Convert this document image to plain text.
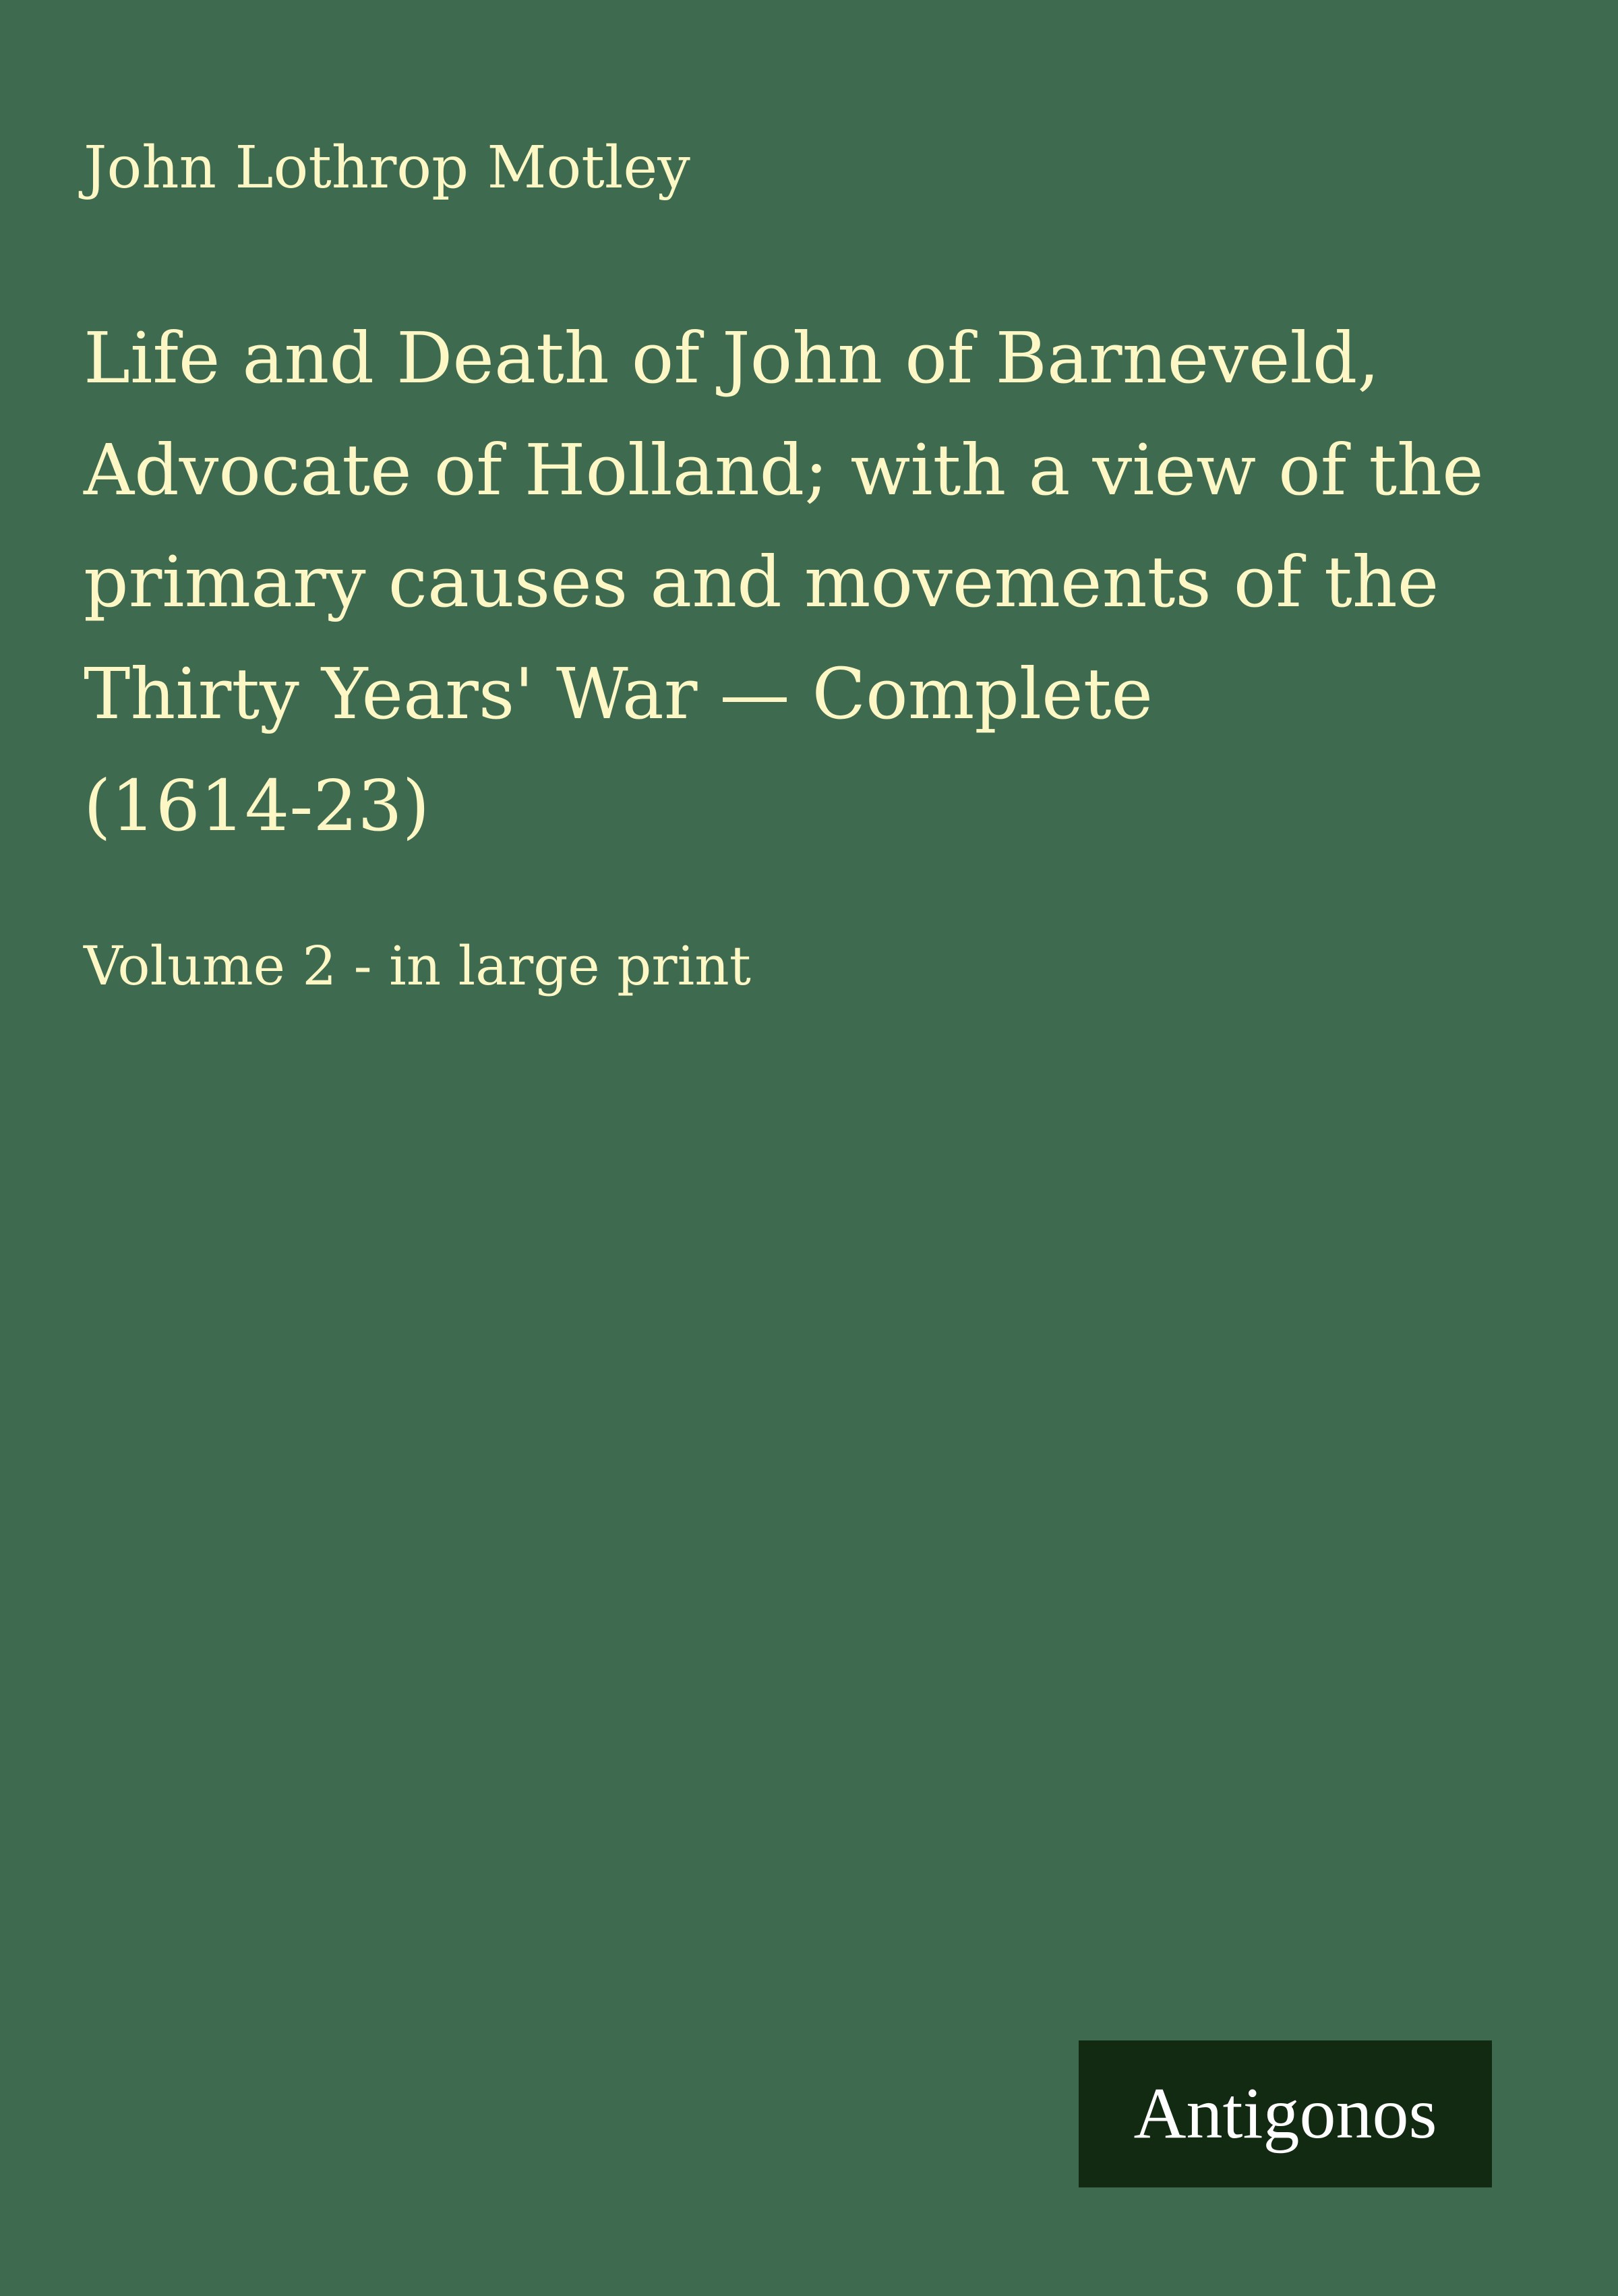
John Lothrop Motley

Life and Death of John of Barneveld,
Advocate of Holland; with a view of the
primary causes and movements of the
Thirty Years' War — Complete
(1614-23)

Volume 2 - in large print

Antigonos
